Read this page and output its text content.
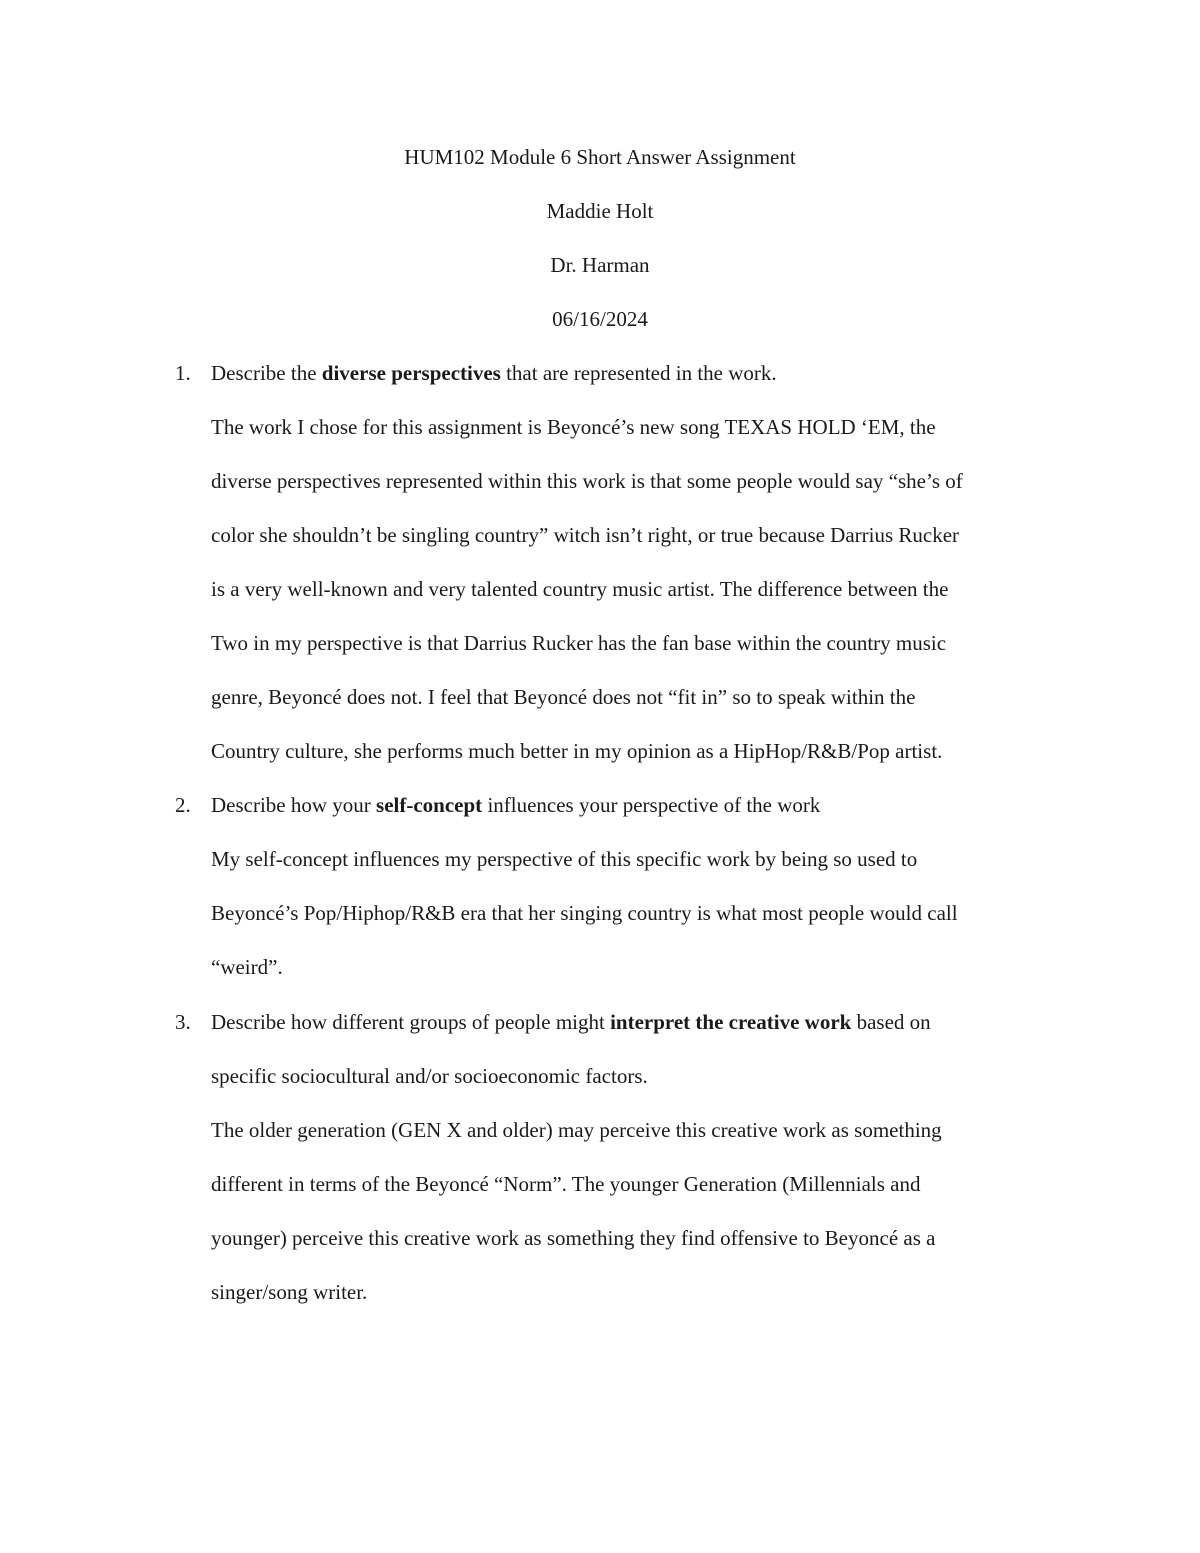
HUM102 Module 6 Short Answer Assignment
Maddie Holt
Dr. Harman
06/16/2024
1. Describe the diverse perspectives that are represented in the work.
The work I chose for this assignment is Beyoncé’s new song TEXAS HOLD ‘EM, the
diverse perspectives represented within this work is that some people would say “she’s of
color she shouldn’t be singling country” witch isn’t right, or true because Darrius Rucker
is a very well-known and very talented country music artist. The difference between the
Two in my perspective is that Darrius Rucker has the fan base within the country music
genre, Beyoncé does not. I feel that Beyoncé does not “fit in” so to speak within the
Country culture, she performs much better in my opinion as a HipHop/R&B/Pop artist.
2. Describe how your self-concept influences your perspective of the work
My self-concept influences my perspective of this specific work by being so used to
Beyoncé’s Pop/Hiphop/R&B era that her singing country is what most people would call
“weird”.
3. Describe how different groups of people might interpret the creative work based on
specific sociocultural and/or socioeconomic factors.
The older generation (GEN X and older) may perceive this creative work as something
different in terms of the Beyoncé “Norm”. The younger Generation (Millennials and
younger) perceive this creative work as something they find offensive to Beyoncé as a
singer/song writer.
